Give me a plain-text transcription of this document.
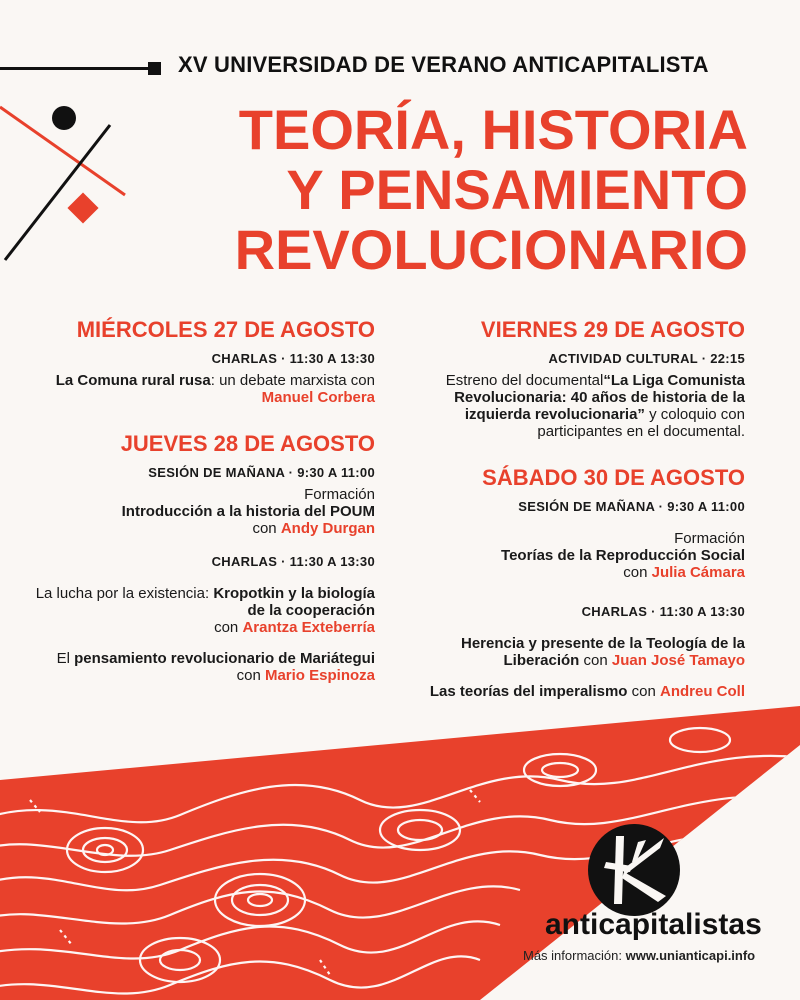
XV UNIVERSIDAD DE VERANO ANTICAPITALISTA
TEORÍA, HISTORIA
Y PENSAMIENTO
REVOLUCIONARIO
MIÉRCOLES 27 DE AGOSTO
CHARLAS · 11:30 A 13:30
La Comuna rural rusa: un debate marxista con Manuel Corbera
JUEVES 28 DE AGOSTO
SESIÓN DE MAÑANA · 9:30 A 11:00
Formación
Introducción a la historia del POUM
con Andy Durgan
CHARLAS · 11:30 A 13:30
La lucha por la existencia: Kropotkin y la biología de la cooperación
con Arantza Exteberría
El pensamiento revolucionario de Mariátegui con Mario Espinoza
VIERNES 29 DE AGOSTO
ACTIVIDAD CULTURAL · 22:15
Estreno del documental“La Liga Comunista Revolucionaria: 40 años de historia de la izquierda revolucionaria” y coloquio con participantes en el documental.
SÁBADO 30 DE AGOSTO
SESIÓN DE MAÑANA · 9:30 A 11:00
Formación
Teorías de la Reproducción Social
con Julia Cámara
CHARLAS · 11:30 A 13:30
Herencia y presente de la Teología de la Liberación con Juan José Tamayo
Las teorías del imperalismo con Andreu Coll
anticapitalistas
Más información: www.unianticapi.info
